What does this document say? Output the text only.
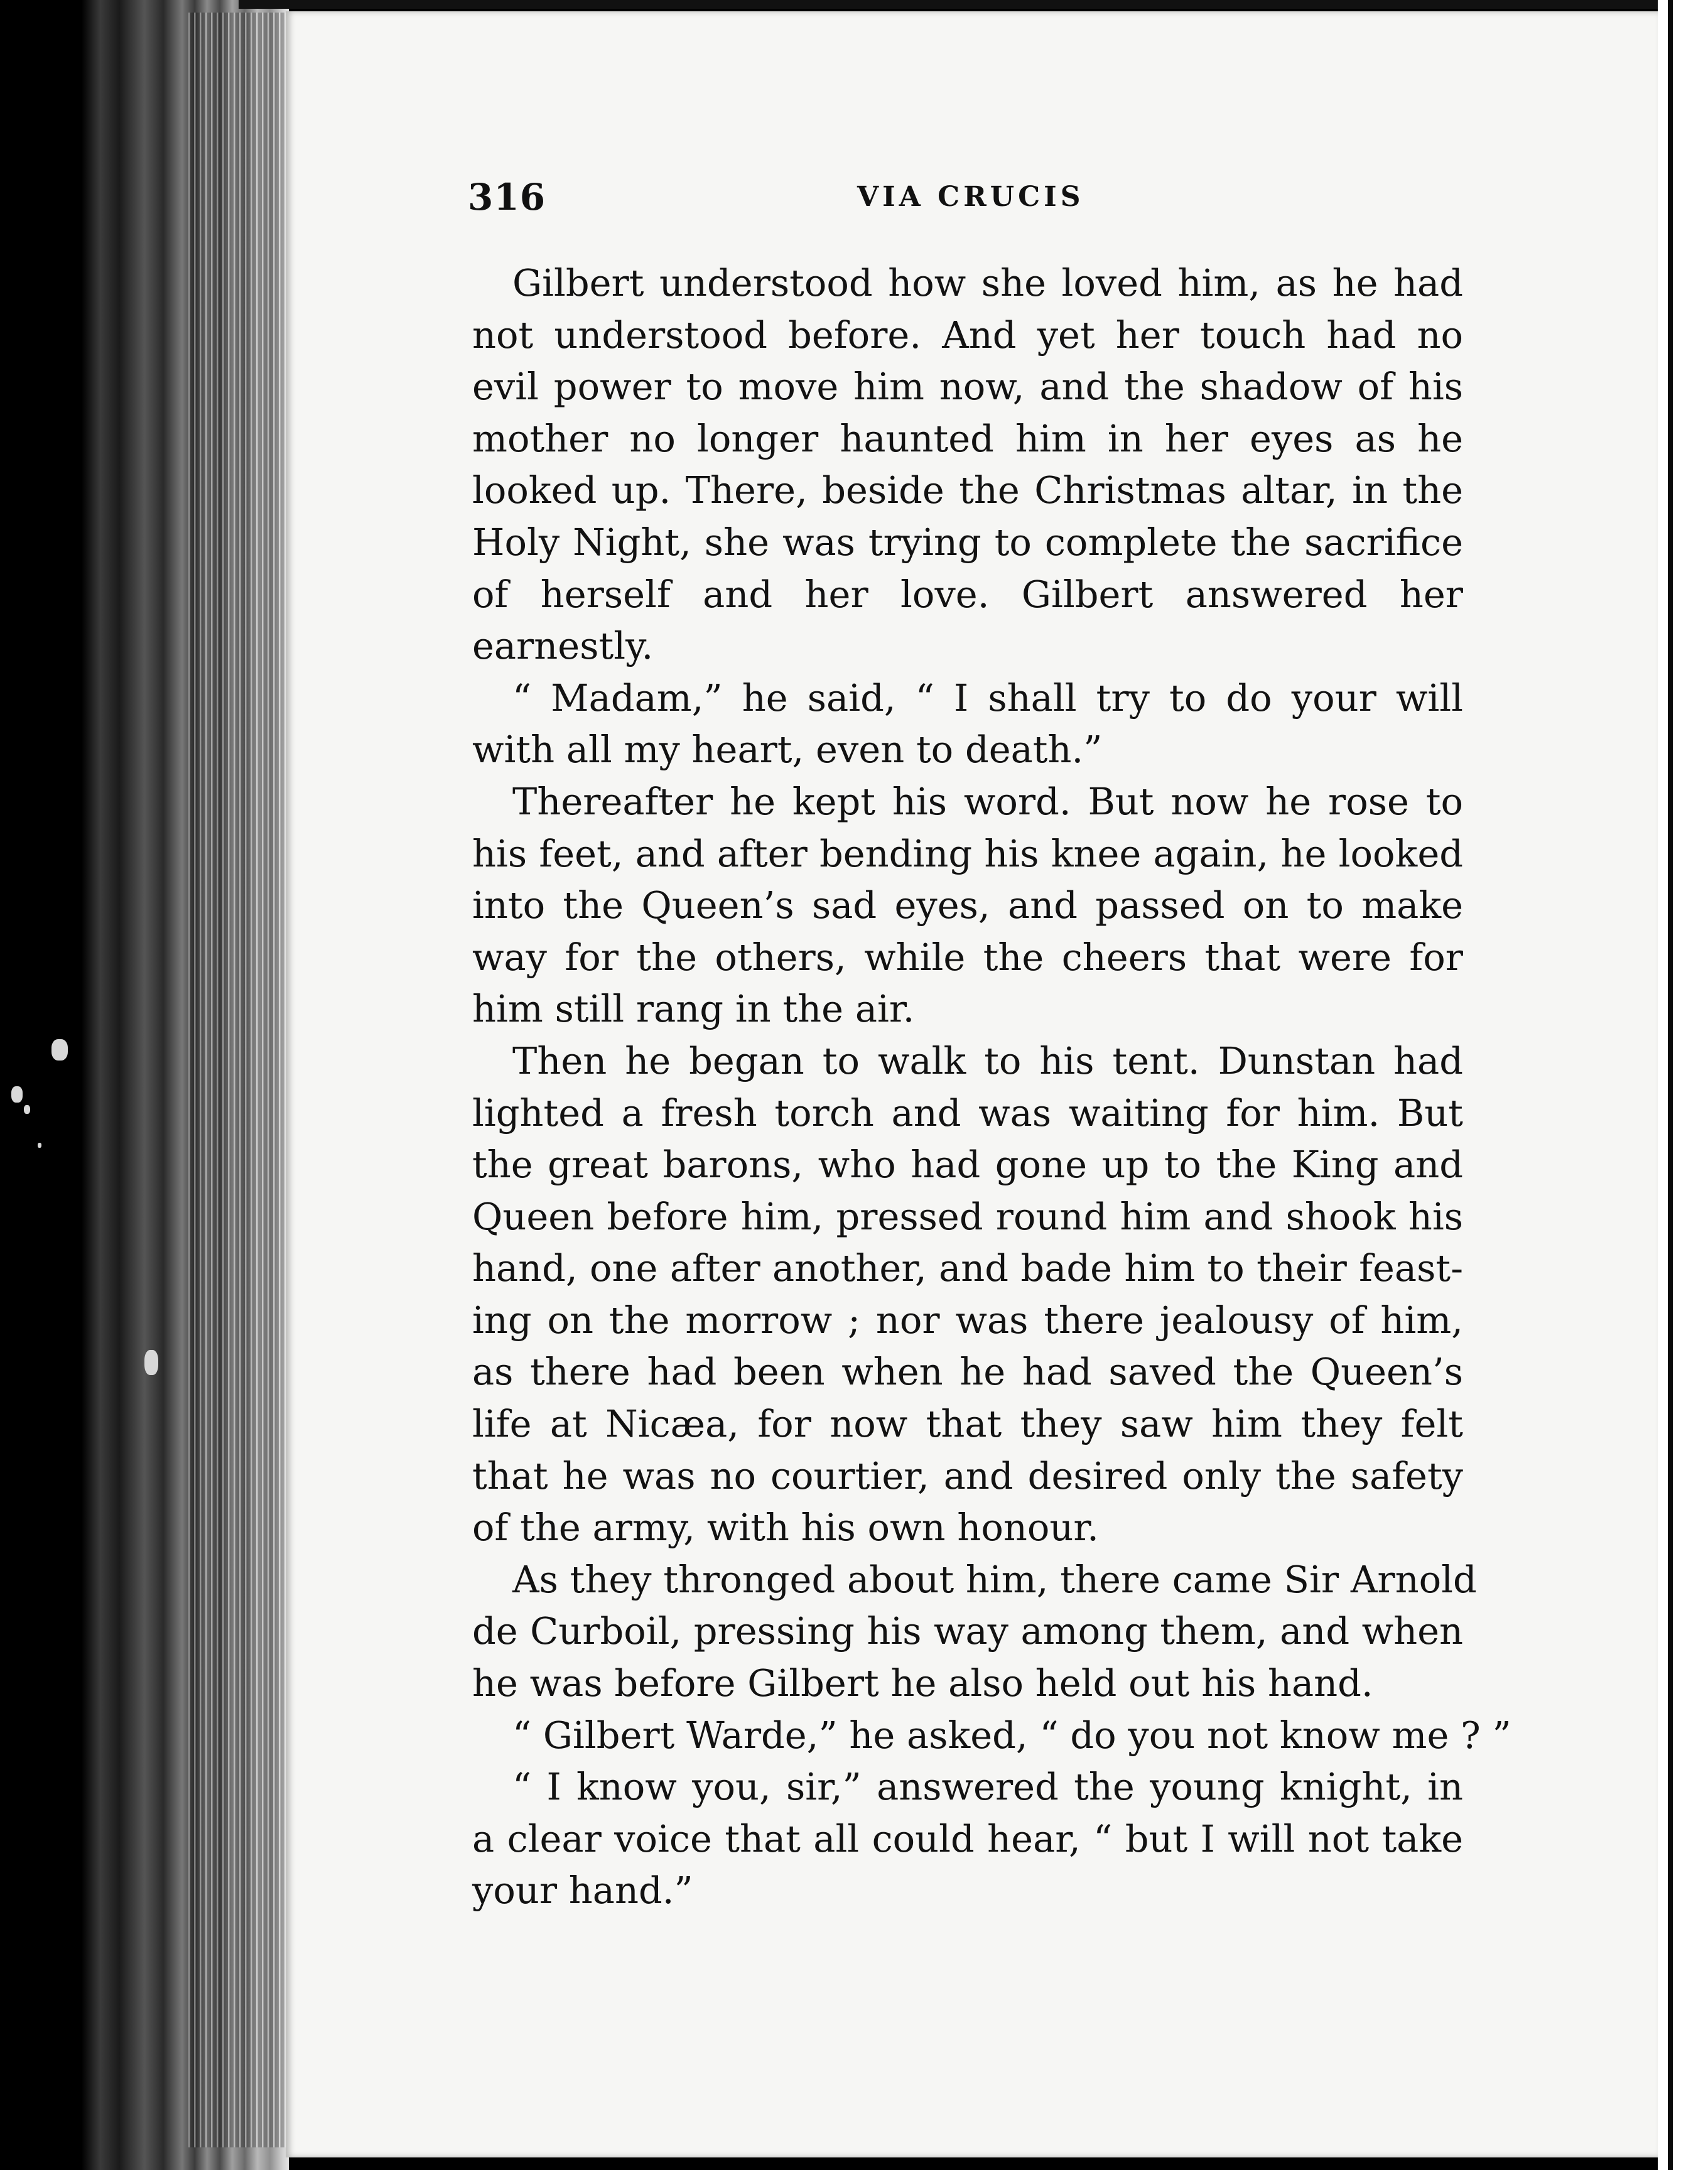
316	VIA CRUCIS
Gilbert understood how she loved him, as he had
not understood before. And yet her touch had no
evil power to move him now, and the shadow of his
mother no longer haunted him in her eyes as he
looked up. There, beside the Christmas altar, in the
Holy Night, she was trying to complete the sacrifice
of herself and her love. Gilbert answered her
earnestly.
“ Madam,” he said, “ I shall try to do your will
with all my heart, even to death.”
Thereafter he kept his word. But now he rose to
his feet, and after bending his knee again, he looked
into the Queen’s sad eyes, and passed on to make
way for the others, while the cheers that were for
him still rang in the air.
Then he began to walk to his tent. Dunstan had
lighted a fresh torch and was waiting for him. But
the great barons, who had gone up to the King and
Queen before him, pressed round him and shook his
hand, one after another, and bade him to their feast-
ing on the morrow ; nor was there jealousy of him,
as there had been when he had saved the Queen’s
life at Nicæa, for now that they saw him they felt
that he was no courtier, and desired only the safety
of the army, with his own honour.
As they thronged about him, there came Sir Arnold
de Curboil, pressing his way among them, and when
he was before Gilbert he also held out his hand.
“ Gilbert Warde,” he asked, “ do you not know me ? ”
“ I know you, sir,” answered the young knight, in
a clear voice that all could hear, “ but I will not take
your hand.”
